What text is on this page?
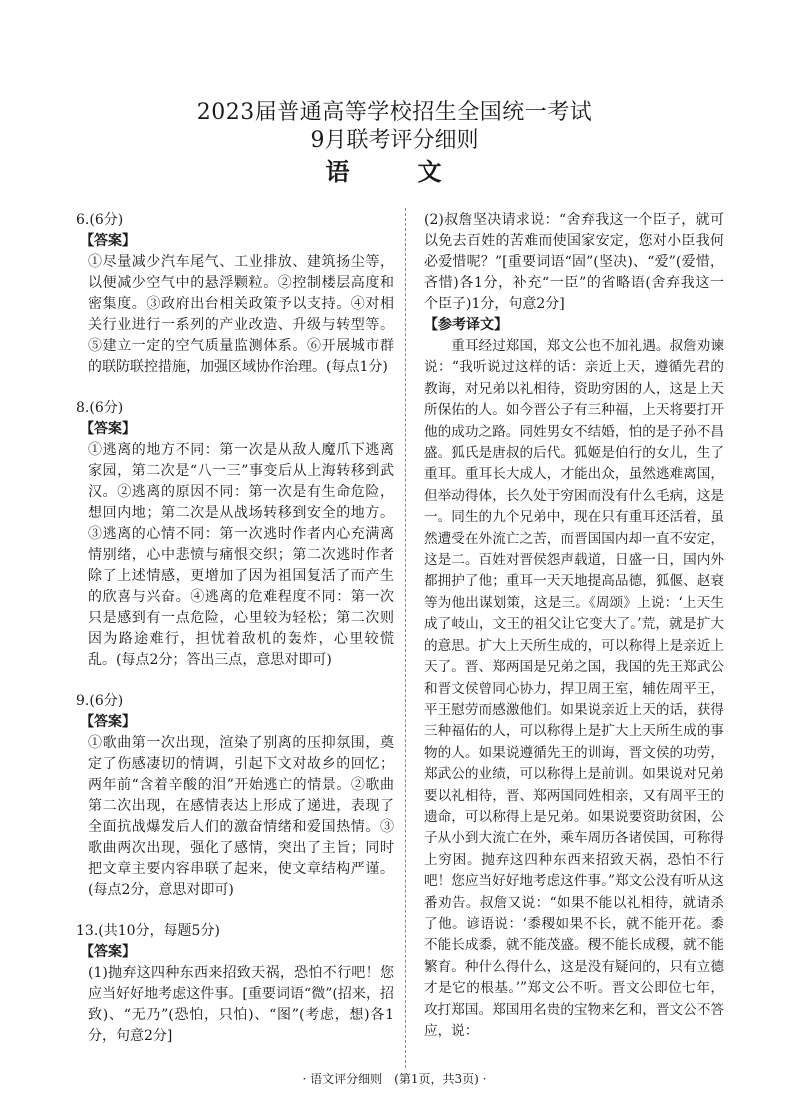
2023届普通高等学校招生全国统一考试
9月联考评分细则
语　文
6.(6分)
【答案】
①尽量减少汽车尾气、工业排放、建筑扬尘等，以便减少空气中的悬浮颗粒。②控制楼层高度和密集度。③政府出台相关政策予以支持。④对相关行业进行一系列的产业改造、升级与转型等。⑤建立一定的空气质量监测体系。⑥开展城市群的联防联控措施，加强区域协作治理。(每点1分)
8.(6分)
【答案】
①逃离的地方不同：第一次是从敌人魔爪下逃离家园，第二次是“八一三”事变后从上海转移到武汉。②逃离的原因不同：第一次是有生命危险，想回内地；第二次是从战场转移到安全的地方。③逃离的心情不同：第一次逃时作者内心充满离情别绪，心中悲愤与痛恨交织；第二次逃时作者除了上述情感，更增加了因为祖国复活了而产生的欣喜与兴奋。④逃离的危难程度不同：第一次只是感到有一点危险，心里较为轻松；第二次则因为路途难行，担忧着敌机的轰炸，心里较慌乱。(每点2分；答出三点，意思对即可)
9.(6分)
【答案】
①歌曲第一次出现，渲染了别离的压抑氛围，奠定了伤感凄切的情调，引起下文对故乡的回忆；两年前“含着辛酸的泪”开始逃亡的情景。②歌曲第二次出现，在感情表达上形成了递进，表现了全面抗战爆发后人们的激奋情绪和爱国热情。③歌曲两次出现，强化了感情，突出了主旨；同时把文章主要内容串联了起来，使文章结构严谨。(每点2分，意思对即可)
13.(共10分，每题5分)
【答案】
(1)抛弃这四种东西来招致天祸，恐怕不行吧！您应当好好地考虑这件事。[重要词语“微”(招来，招致)、“无乃”(恐怕，只怕)、“图”(考虑，想)各1分，句意2分]
(2)叔詹坚决请求说：“舍弃我这一个臣子，就可以免去百姓的苦难而使国家安定，您对小臣我何必爱惜呢？”[重要词语“固”(坚决)、“爱”(爱惜，吝惜)各1分，补充“一臣”的省略语(舍弃我这一个臣子)1分，句意2分]
【参考译文】
重耳经过郑国，郑文公也不加礼遇。叔詹劝谏说：“我听说过这样的话：亲近上天，遵循先君的教诲，对兄弟以礼相待，资助穷困的人，这是上天所保佑的人。如今晋公子有三种福，上天将要打开他的成功之路。同姓男女不结婚，怕的是子孙不昌盛。狐氏是唐叔的后代。狐姬是伯行的女儿，生了重耳。重耳长大成人，才能出众，虽然逃难离国，但举动得体，长久处于穷困而没有什么毛病，这是一。同生的九个兄弟中，现在只有重耳还活着，虽然遭受在外流亡之苦，而晋国国内却一直不安定，这是二。百姓对晋侯怨声载道，日盛一日，国内外都拥护了他；重耳一天天地提高品德，狐偃、赵衰等为他出谋划策，这是三。《周颂》上说：‘上天生成了岐山，文王的祖父让它变大了。’荒，就是扩大的意思。扩大上天所生成的，可以称得上是亲近上天了。晋、郑两国是兄弟之国，我国的先王郑武公和晋文侯曾同心协力，捍卫周王室，辅佐周平王，平王慰劳而感激他们。如果说亲近上天的话，获得三种福佑的人，可以称得上是扩大上天所生成的事物的人。如果说遵循先王的训诲，晋文侯的功劳，郑武公的业绩，可以称得上是前训。如果说对兄弟要以礼相待，晋、郑两国同姓相亲，又有周平王的遗命，可以称得上是兄弟。如果说要资助贫困，公子从小到大流亡在外，乘车周历各诸侯国，可称得上穷困。抛弃这四种东西来招致天祸，恐怕不行吧！您应当好好地考虑这件事。”郑文公没有听从这番劝告。叔詹又说：“如果不能以礼相待，就请杀了他。谚语说：‘黍稷如果不长，就不能开花。黍不能长成黍，就不能茂盛。稷不能长成稷，就不能繁育。种什么得什么，这是没有疑问的，只有立德才是它的根基。’”郑文公不听。晋文公即位七年，攻打郑国。郑国用名贵的宝物来乞和，晋文公不答应，说：
· 语文评分细则　(第1页，共3页) ·
